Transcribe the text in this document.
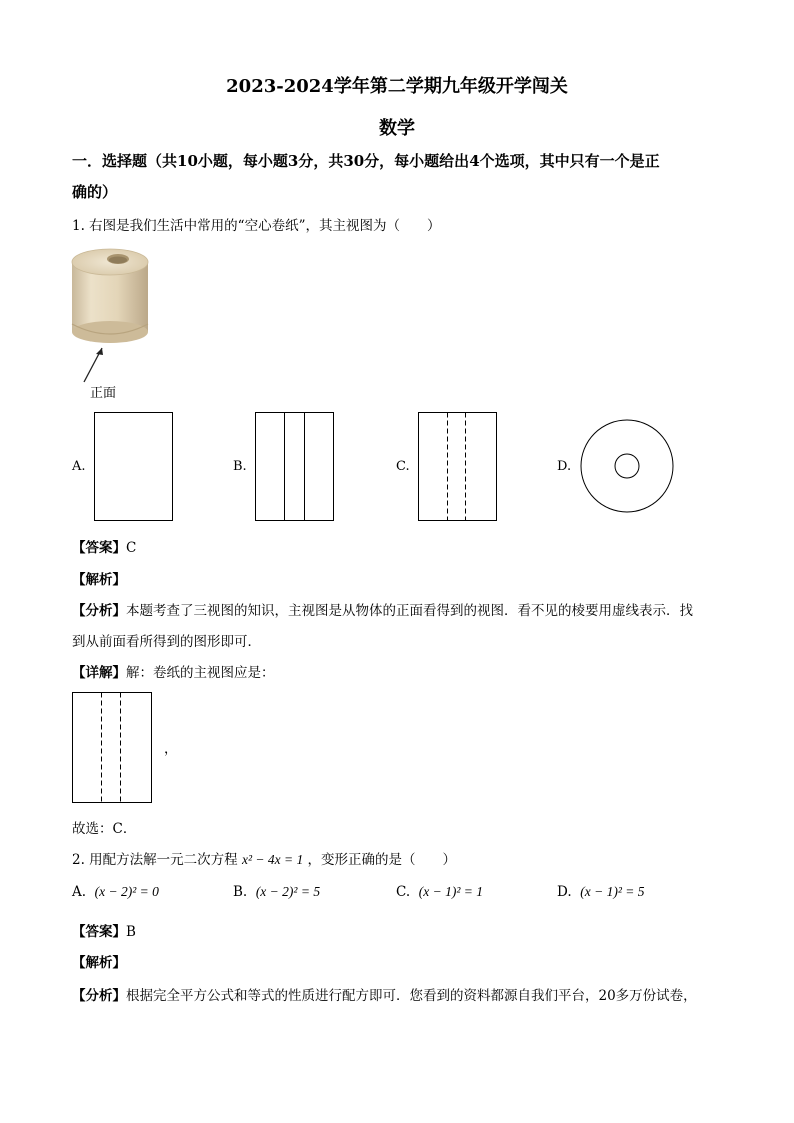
2023-2024学年第二学期九年级开学闯关
数学
一．选择题（共10小题，每小题3分，共30分，每小题给出4个选项，其中只有一个是正
确的）
1. 右图是我们生活中常用的“空心卷纸”，其主视图为（　　）
正面
A.	B.	C.	D.
【答案】C
【解析】
【分析】本题考查了三视图的知识，主视图是从物体的正面看得到的视图．看不见的棱要用虚线表示．找
到从前面看所得到的图形即可．
【详解】解：卷纸的主视图应是：
，
故选：C．
2. 用配方法解一元二次方程 x² − 4x = 1 ，变形正确的是（　　）
A. (x − 2)² = 0	B. (x − 2)² = 5	C. (x − 1)² = 1	D. (x − 1)² = 5
【答案】B
【解析】
【分析】根据完全平方公式和等式的性质进行配方即可．您看到的资料都源自我们平台，20多万份试卷，
